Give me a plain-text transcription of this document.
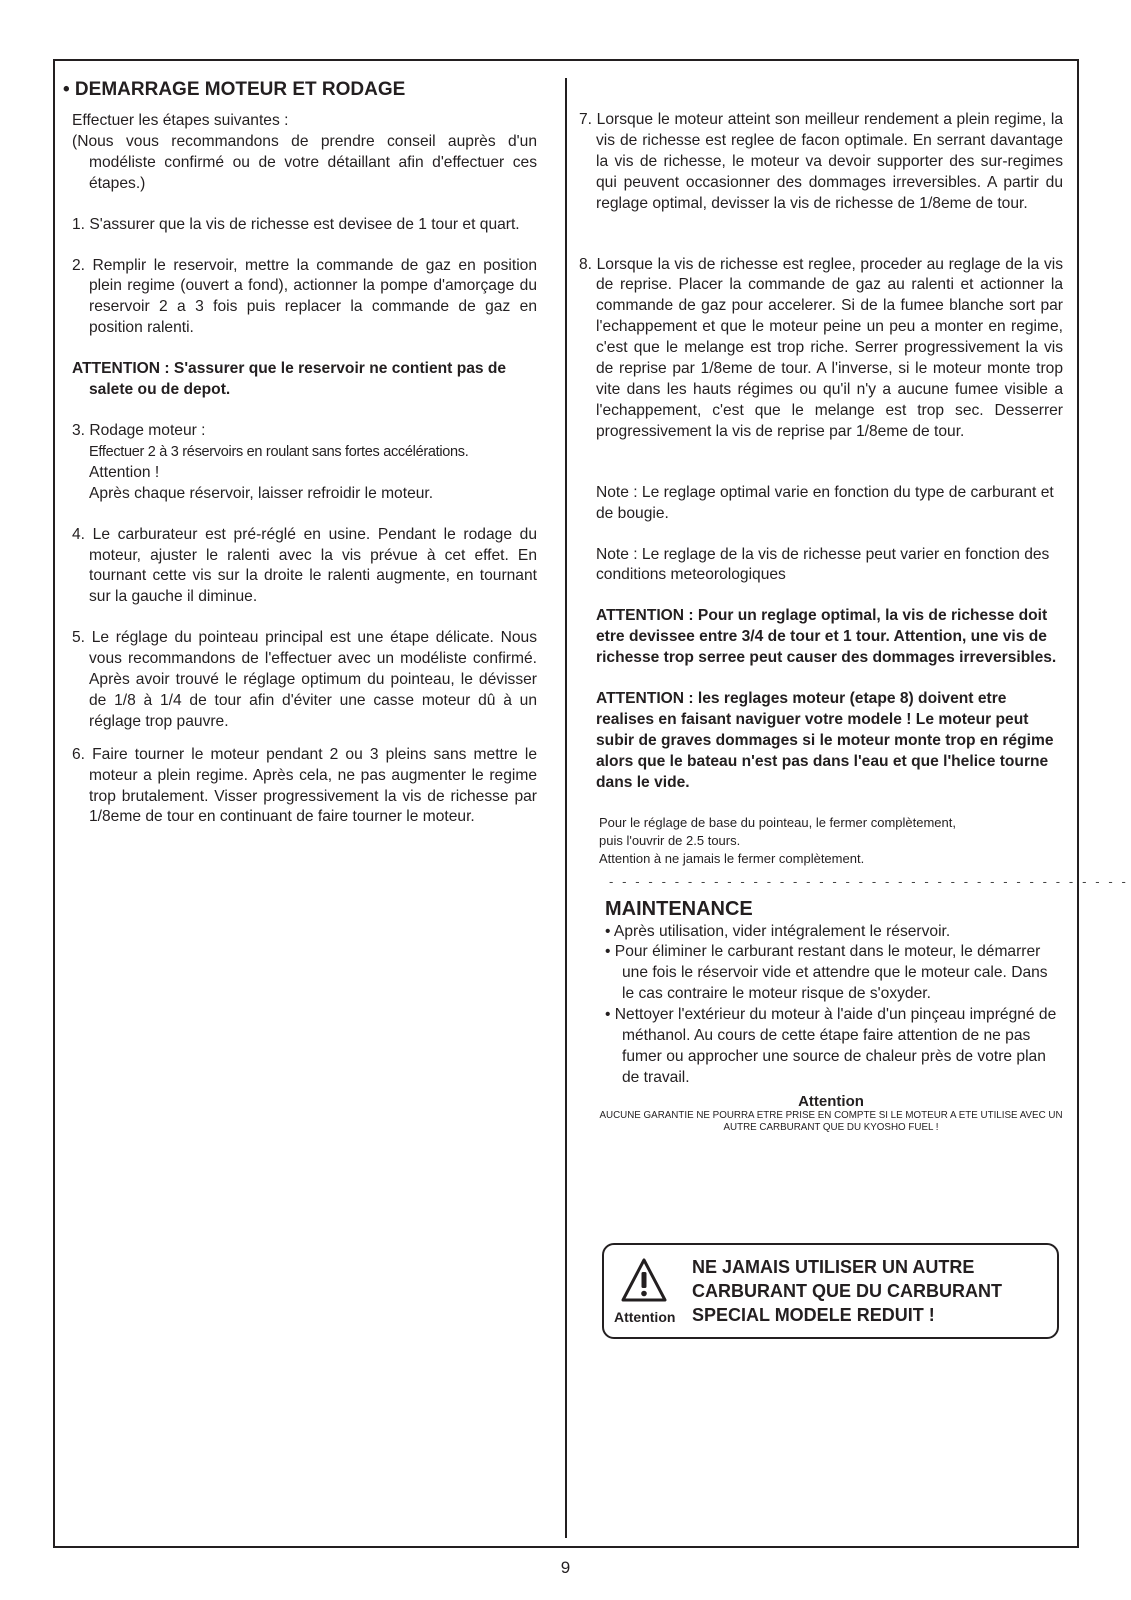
• DEMARRAGE MOTEUR ET RODAGE

Effectuer les étapes suivantes :

(Nous vous recommandons de prendre conseil auprès d'un modéliste confirmé ou de votre détaillant afin d'effectuer ces étapes.)

1. S'assurer que la vis de richesse est devisee de 1 tour et quart.

2. Remplir le reservoir, mettre la commande de gaz en position plein regime (ouvert a fond), actionner la pompe d'amorçage du reservoir 2 a 3 fois puis replacer la commande de gaz en position ralenti.

ATTENTION : S'assurer que le reservoir ne contient pas de salete ou de depot.

3. Rodage moteur :

Effectuer 2 à 3 réservoirs en roulant sans fortes accélérations.

Attention !

Après chaque réservoir, laisser refroidir le moteur.

4. Le carburateur est pré-réglé en usine. Pendant le rodage du moteur, ajuster le ralenti avec la vis prévue à cet effet. En tournant cette vis sur la droite le ralenti augmente, en tournant sur la gauche il diminue.

5. Le réglage du pointeau principal est une étape délicate. Nous vous recommandons de l'effectuer avec un modéliste confirmé. Après avoir trouvé le réglage optimum du pointeau, le dévisser de 1/8 à 1/4 de tour afin d'éviter une casse moteur dû à un réglage trop pauvre.

6. Faire tourner le moteur pendant 2 ou 3 pleins sans mettre le moteur a plein regime. Après cela, ne pas augmenter le regime trop brutalement. Visser progressivement la vis de richesse par 1/8eme de tour en continuant de faire tourner le moteur.

7. Lorsque le moteur atteint son meilleur rendement a plein regime, la vis de richesse est reglee de facon optimale. En serrant davantage la vis de richesse, le moteur va devoir supporter des sur-regimes qui peuvent occasionner des dommages irreversibles. A partir du reglage optimal, devisser la vis de richesse de 1/8eme de tour.

8. Lorsque la vis de richesse est reglee, proceder au reglage de la vis de reprise. Placer la commande de gaz au ralenti et actionner la commande de gaz pour accelerer. Si de la fumee blanche sort par l'echappement et que le moteur peine un peu a monter en regime, c'est que le melange est trop riche. Serrer progressivement la vis de reprise par 1/8eme de tour. A l'inverse, si le moteur monte trop vite dans les hauts régimes ou qu'il n'y a aucune fumee visible a l'echappement, c'est que le melange est trop sec. Desserrer progressivement la vis de reprise par 1/8eme de tour.

Note : Le reglage optimal varie en fonction du type de carburant et de bougie.

Note : Le reglage de la vis de richesse peut varier en fonction des conditions meteorologiques

ATTENTION : Pour un reglage optimal, la vis de richesse doit etre devissee entre 3/4 de tour et 1 tour. Attention, une vis de richesse trop serree peut causer des dommages irreversibles.

ATTENTION : les reglages moteur (etape 8) doivent etre realises en faisant naviguer votre modele ! Le moteur peut subir de graves dommages si le moteur monte trop en régime alors que le bateau n'est pas dans l'eau et que l'helice tourne dans le vide.

Pour le réglage de base du pointeau, le fermer complètement,

puis l'ouvrir de 2.5 tours.

Attention à ne jamais le fermer complètement.

- - - - - - - - - - - - - - - - - - - - - - - - - - - - - - - - - - - - - - - -
MAINTENANCE

• Après utilisation, vider intégralement le réservoir.

• Pour éliminer le carburant restant dans le moteur, le démarrer une fois le réservoir vide et attendre que le moteur cale. Dans le cas contraire le moteur risque de s'oxyder.

• Nettoyer l'extérieur du moteur à l'aide d'un pinçeau imprégné de méthanol. Au cours de cette étape faire attention de ne pas fumer ou approcher une source de chaleur près de votre plan de travail.

Attention
AUCUNE GARANTIE NE POURRA ETRE PRISE EN COMPTE SI LE MOTEUR A ETE UTILISE AVEC UN AUTRE CARBURANT QUE DU KYOSHO FUEL !
Attention
NE JAMAIS UTILISER UN AUTRE CARBURANT QUE DU CARBURANT SPECIAL MODELE REDUIT !
9
